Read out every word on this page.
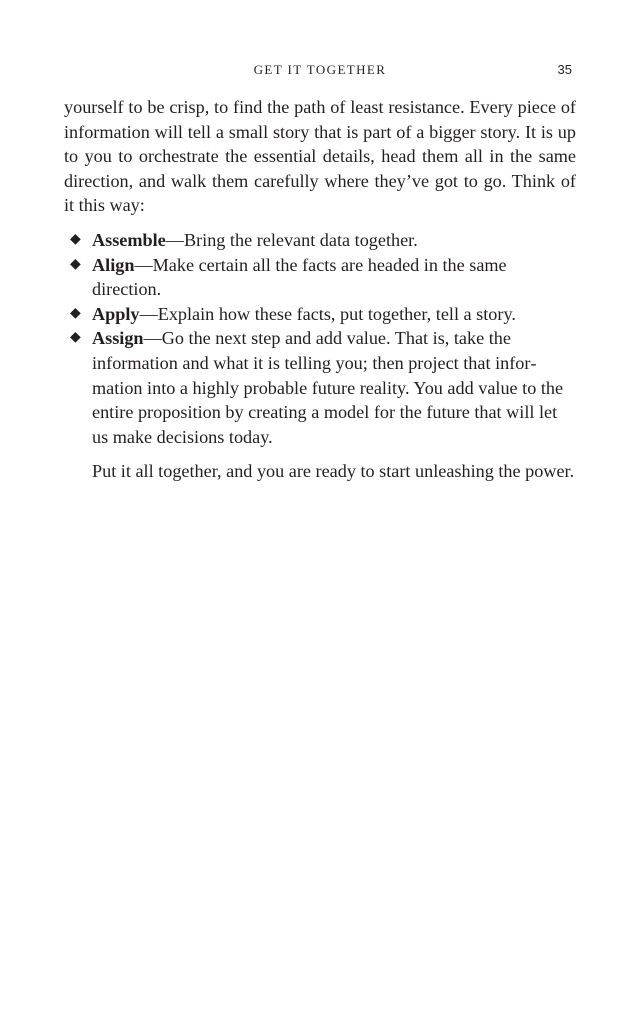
GET IT TOGETHER	35

yourself to be crisp, to find the path of least resistance. Every piece of information will tell a small story that is part of a bigger story. It is up to you to orchestrate the essential details, head them all in the same direction, and walk them carefully where they’ve got to go. Think of it this way:

◆ Assemble—Bring the relevant data together.
◆ Align—Make certain all the facts are headed in the same direction.
◆ Apply—Explain how these facts, put together, tell a story.
◆ Assign—Go the next step and add value. That is, take the information and what it is telling you; then project that information into a highly probable future reality. You add value to the entire proposition by creating a model for the future that will let us make decisions today.

Put it all together, and you are ready to start unleashing the power.
